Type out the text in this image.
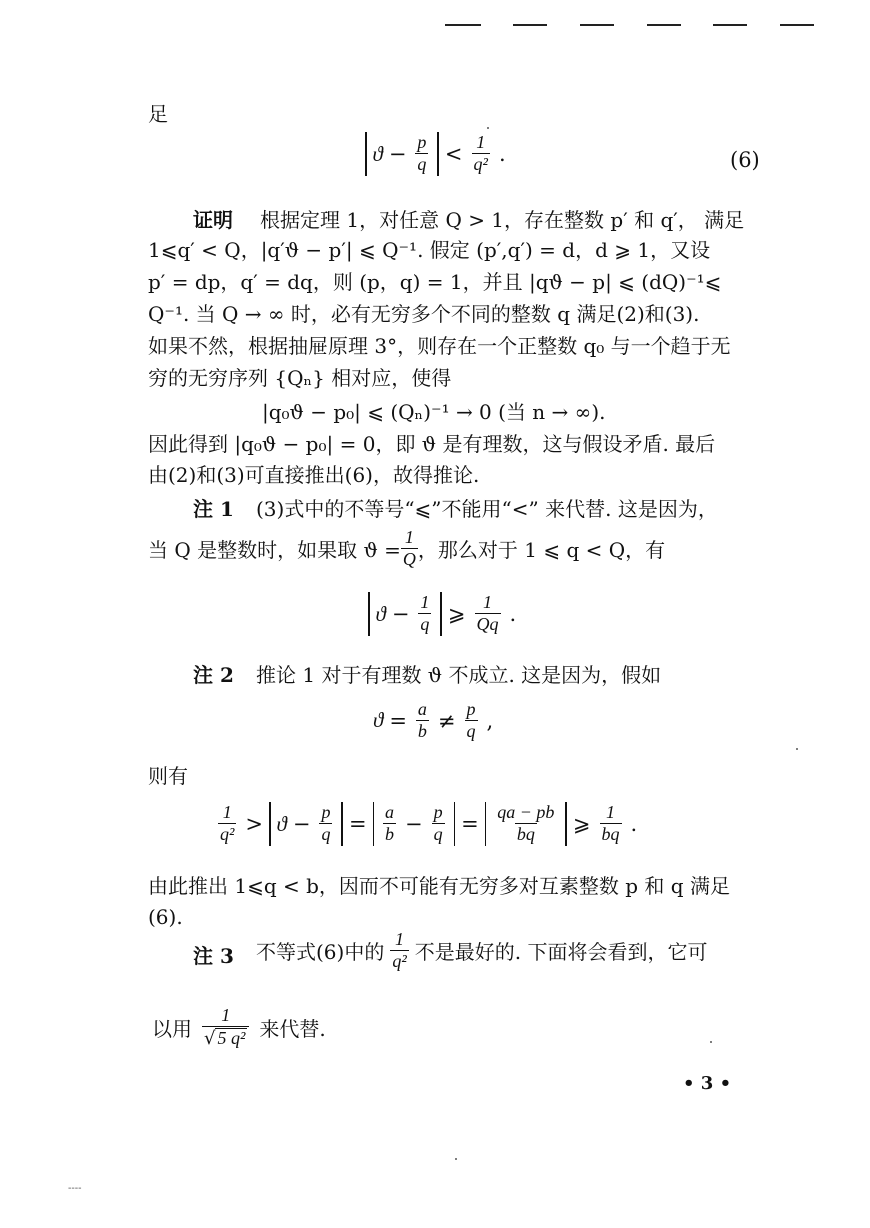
足
$ϑ - \frac{p}{q} < 1$
q² .	(6)
证明 根据定理 1，对任意 Q > 1，存在整数 p′ 和 q′， 满足
1⩽q′ < Q，|q′ϑ − p′| ⩽ Q⁻¹. 假定 (p′,q′) = d，d ⩾ 1，又设
p′ = dp，q′ = dq，则 (p，q) = 1，并且 |qϑ − p| ⩽ (dQ)⁻¹⩽
Q⁻¹. 当 Q → ∞ 时，必有无穷多个不同的整数 q 满足(2)和(3).
如果不然，根据抽屉原理 3°，则存在一个正整数 q₀ 与一个趋于无
穷的无穷序列 {Qₙ} 相对应，使得
|q₀ϑ − p₀| ⩽ (Qₙ)⁻¹ → 0 (当 n → ∞).
因此得到 |q₀ϑ − p₀| = 0，即 ϑ 是有理数，这与假设矛盾. 最后
由(2)和(3)可直接推出(6)，故得推论.
注 1 (3)式中的不等号“⩽”不能用“<” 来代替. 这是因为，
当 Q 是整数时，如果取 $ϑ = \frac{1}{Q}$ ，那么对于 1 ⩽ q < Q，有
$ϑ - \frac{1}{q}$ ⩾ 1
Qq .
注 2 推论 1 对于有理数 ϑ 不成立. 这是因为，假如
$ϑ = \frac{a}{b} \ne p$
q ,
则有
1
$q^2 > ϑ - \frac{p}{q} = a$
$b - \frac{p}{q}$ = qa − pb
bq ⩾ 1
bq .
由此推出 1⩽q < b，因而不可能有无穷多对互素整数 p 和 q 满足
(6).
注 3 不等式(6)中的
1
q² 不是最好的. 下面将会看到，它可
以用
1
√ 5 q² 来代替.
• 3 •
----
